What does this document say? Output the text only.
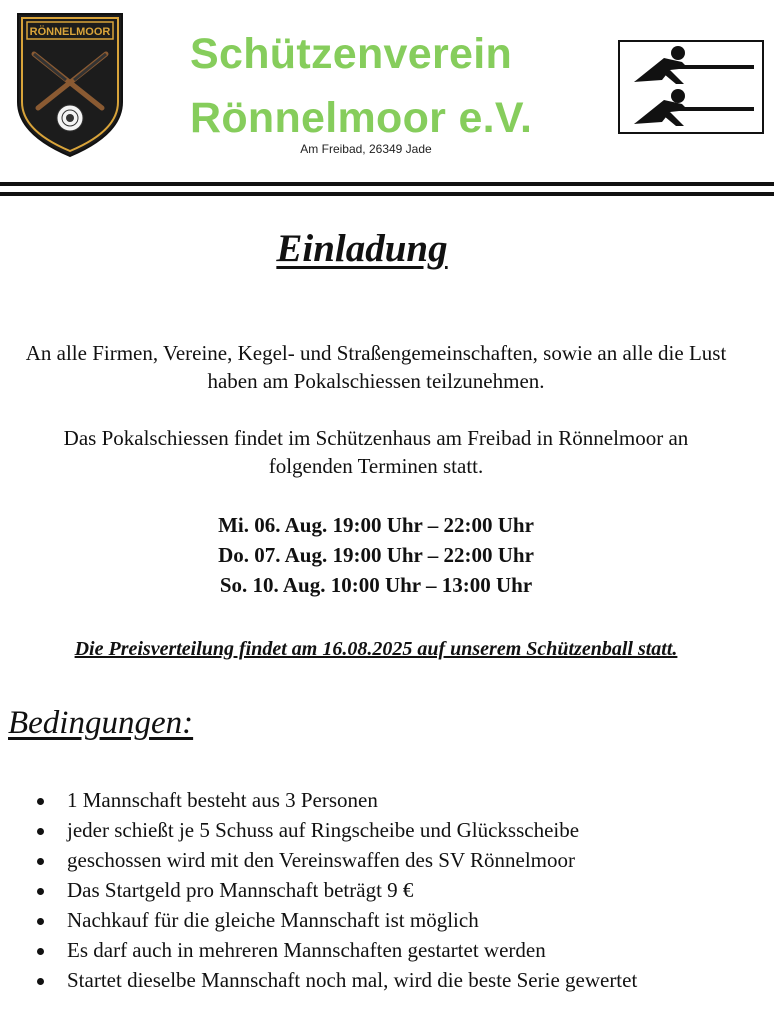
RÖNNELMOOR Schützenverein
Rönnelmoor e.V.
Am Freibad, 26349 Jade
Einladung
An alle Firmen, Vereine, Kegel- und Straßengemeinschaften, sowie an alle die Lust haben am Pokalschiessen teilzunehmen.
Das Pokalschiessen findet im Schützenhaus am Freibad in Rönnelmoor an folgenden Terminen statt.
Mi. 06. Aug. 19:00 Uhr – 22:00 Uhr
Do. 07. Aug. 19:00 Uhr – 22:00 Uhr
So. 10. Aug. 10:00 Uhr – 13:00 Uhr
Die Preisverteilung findet am 16.08.2025 auf unserem Schützenball statt.
Bedingungen:
1 Mannschaft besteht aus 3 Personen
jeder schießt je 5 Schuss auf Ringscheibe und Glücksscheibe
geschossen wird mit den Vereinswaffen des SV Rönnelmoor
Das Startgeld pro Mannschaft beträgt 9 €
Nachkauf für die gleiche Mannschaft ist möglich
Es darf auch in mehreren Mannschaften gestartet werden
Startet dieselbe Mannschaft noch mal, wird die beste Serie gewertet
